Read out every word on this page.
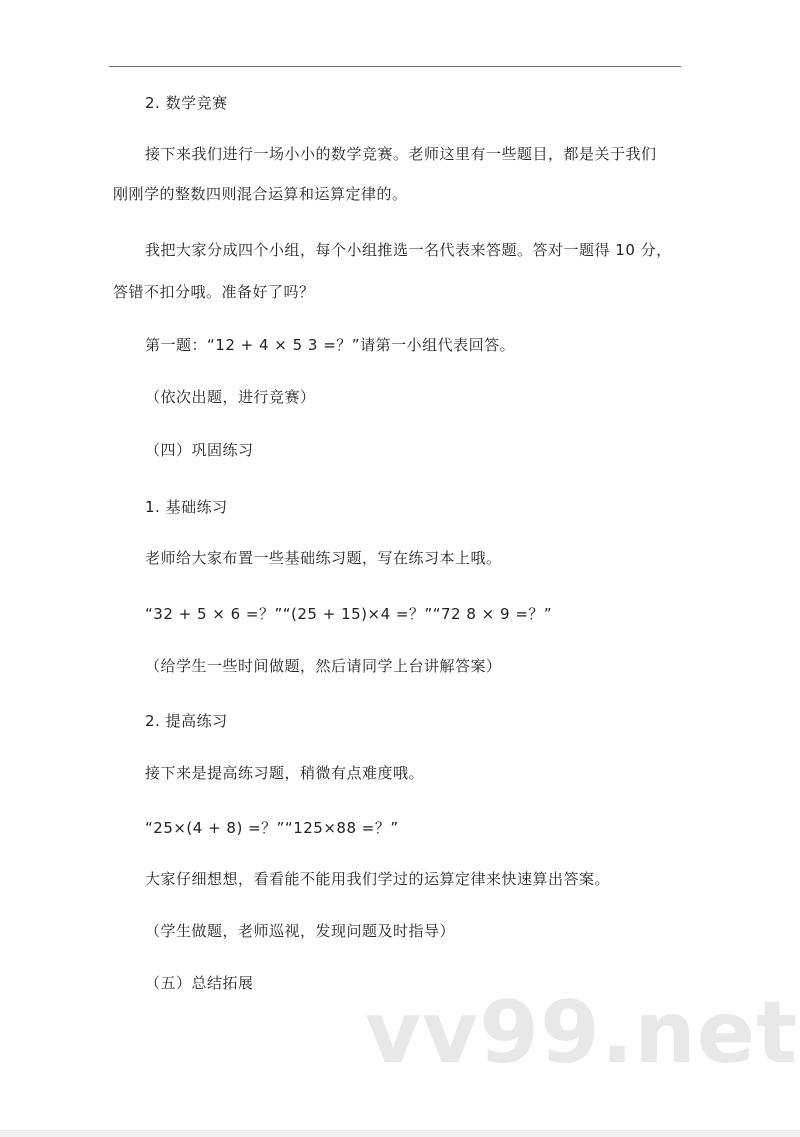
2. 数学竞赛
接下来我们进行一场小小的数学竞赛。老师这里有一些题目，都是关于我们
刚刚学的整数四则混合运算和运算定律的。
我把大家分成四个小组，每个小组推选一名代表来答题。答对一题得 10 分，
答错不扣分哦。准备好了吗？
第一题：“12 + 4 × 5 3 =？”请第一小组代表回答。
（依次出题，进行竞赛）
（四）巩固练习
1. 基础练习
老师给大家布置一些基础练习题，写在练习本上哦。
“32 + 5 × 6 =？”“(25 + 15)×4 =？”“72 8 × 9 =？”
（给学生一些时间做题，然后请同学上台讲解答案）
2. 提高练习
接下来是提高练习题，稍微有点难度哦。
“25×(4 + 8) =？”“125×88 =？”
大家仔细想想，看看能不能用我们学过的运算定律来快速算出答案。
（学生做题，老师巡视，发现问题及时指导）
（五）总结拓展 vv99.net
